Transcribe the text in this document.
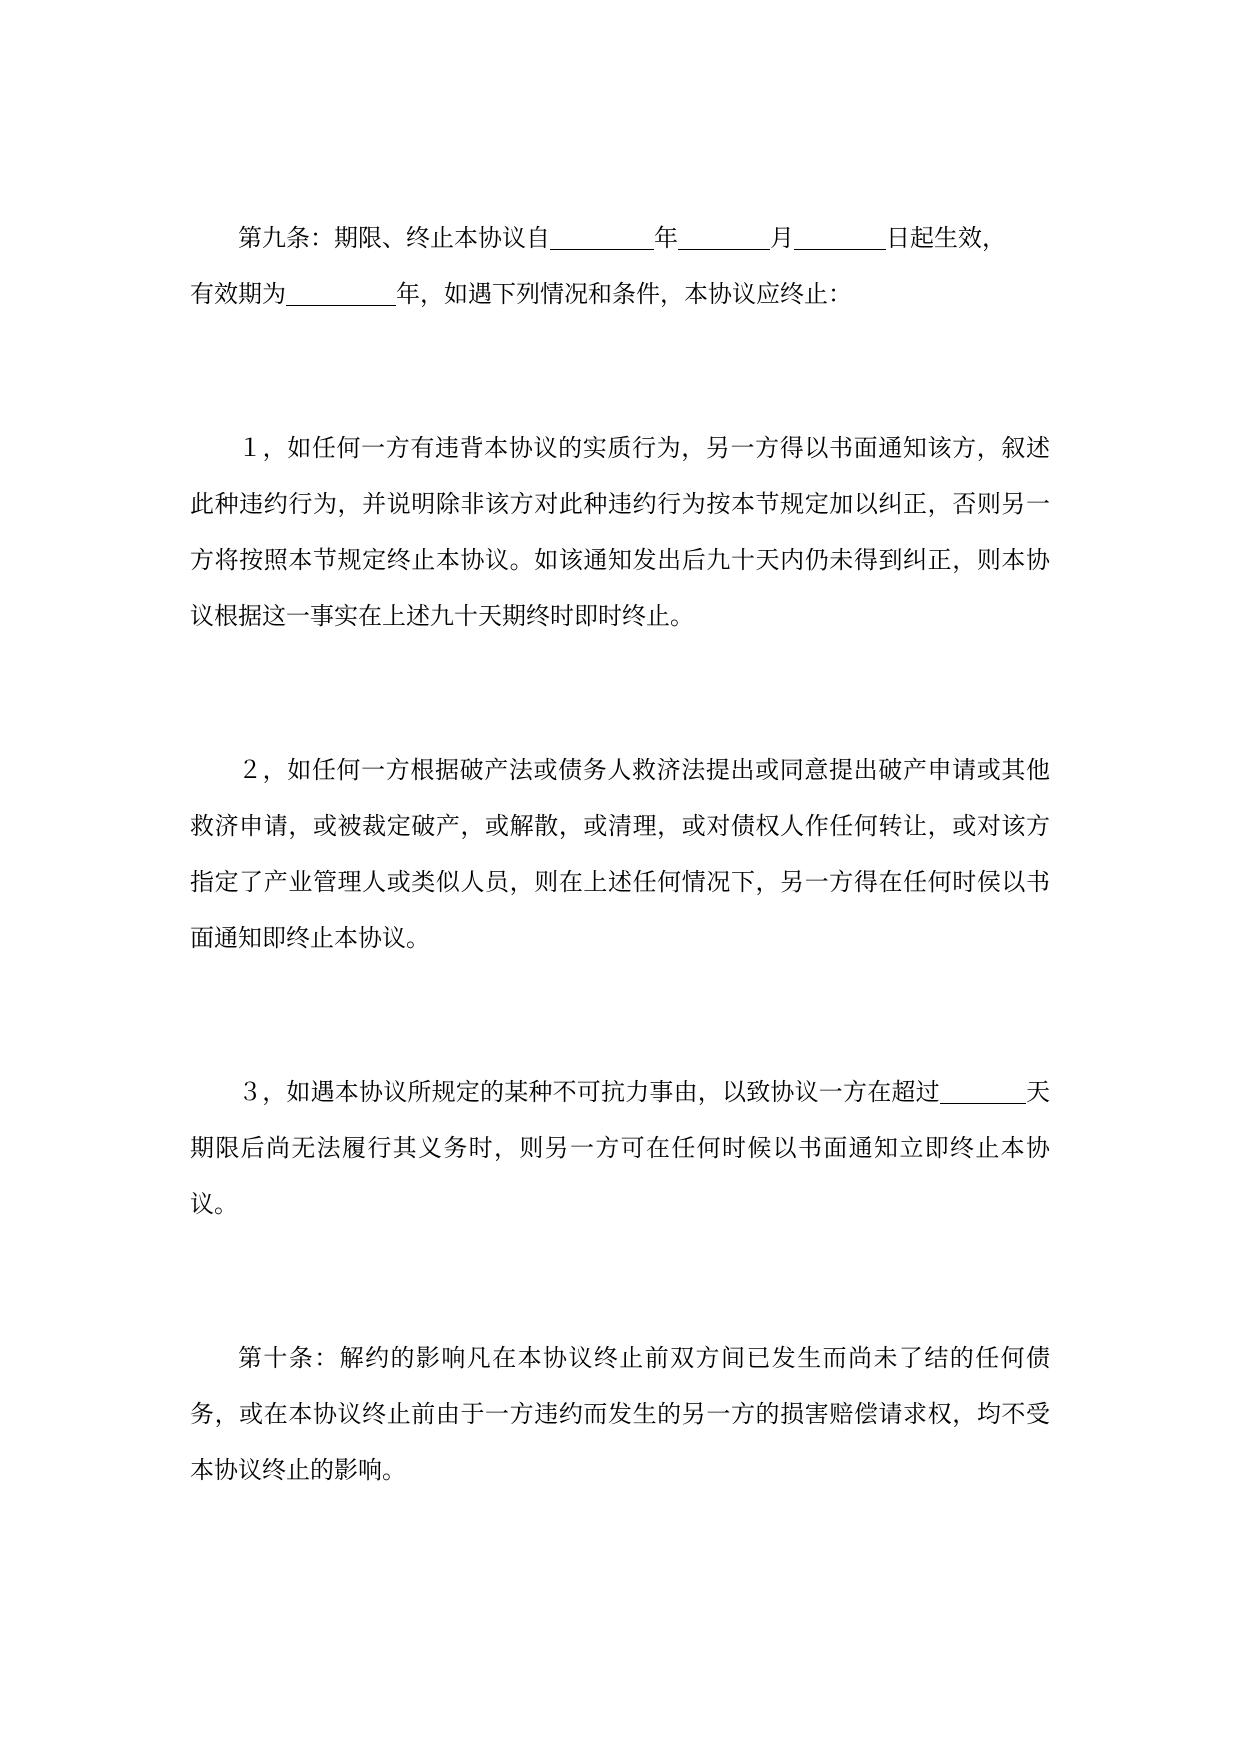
第九条：期限、终止本协议自	年	月	日起生效，
有效期为	年，如遇下列情况和条件，本协议应终止：

１，如任何一方有违背本协议的实质行为，另一方得以书面通知该方，叙述此种违约行为，并说明除非该方对此种违约行为按本节规定加以纠正，否则另一方将按照本节规定终止本协议。如该通知发出后九十天内仍未得到纠正，则本协议根据这一事实在上述九十天期终时即时终止。

２，如任何一方根据破产法或债务人救济法提出或同意提出破产申请或其他救济申请，或被裁定破产，或解散，或清理，或对债权人作任何转让，或对该方指定了产业管理人或类似人员，则在上述任何情况下，另一方得在任何时侯以书面通知即终止本协议。

３，如遇本协议所规定的某种不可抗力事由，以致协议一方在超过	天期限后尚无法履行其义务时，则另一方可在任何时候以书面通知立即终止本协议。

第十条：解约的影响凡在本协议终止前双方间已发生而尚未了结的任何债务，或在本协议终止前由于一方违约而发生的另一方的损害赔偿请求权，均不受本协议终止的影响。
